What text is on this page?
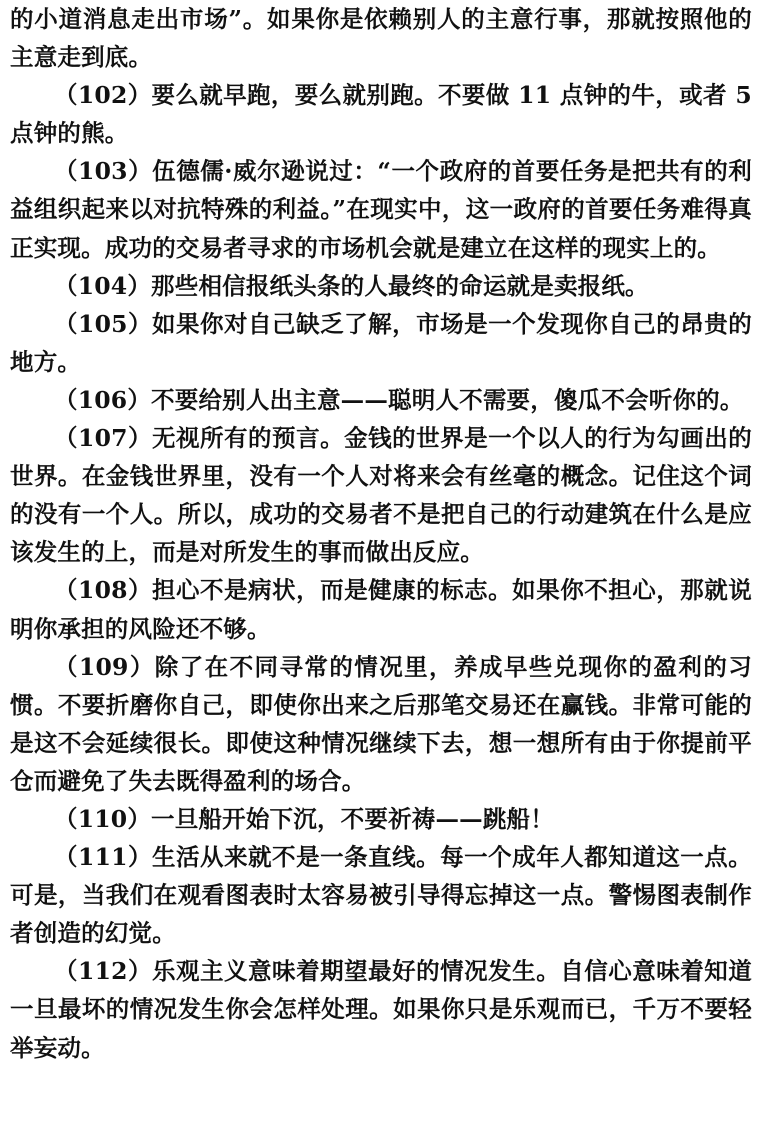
的小道消息走出市场”。如果你是依赖别人的主意行事，那就按照他的主意走到底。

（102）要么就早跑，要么就别跑。不要做 11 点钟的牛，或者 5 点钟的熊。

（103）伍德儒·威尔逊说过：“一个政府的首要任务是把共有的利益组织起来以对抗特殊的利益。”在现实中，这一政府的首要任务难得真正实现。成功的交易者寻求的市场机会就是建立在这样的现实上的。

（104）那些相信报纸头条的人最终的命运就是卖报纸。

（105）如果你对自己缺乏了解，市场是一个发现你自己的昂贵的地方。

（106）不要给别人出主意——聪明人不需要，傻瓜不会听你的。

（107）无视所有的预言。金钱的世界是一个以人的行为勾画出的世界。在金钱世界里，没有一个人对将来会有丝毫的概念。记住这个词的没有一个人。所以，成功的交易者不是把自己的行动建筑在什么是应该发生的上，而是对所发生的事而做出反应。

（108）担心不是病状，而是健康的标志。如果你不担心，那就说明你承担的风险还不够。

（109）除了在不同寻常的情况里，养成早些兑现你的盈利的习惯。不要折磨你自己，即使你出来之后那笔交易还在赢钱。非常可能的是这不会延续很长。即使这种情况继续下去，想一想所有由于你提前平仓而避免了失去既得盈利的场合。

（110）一旦船开始下沉，不要祈祷——跳船！

（111）生活从来就不是一条直线。每一个成年人都知道这一点。可是，当我们在观看图表时太容易被引导得忘掉这一点。警惕图表制作者创造的幻觉。

（112）乐观主义意味着期望最好的情况发生。自信心意味着知道一旦最坏的情况发生你会怎样处理。如果你只是乐观而已，千万不要轻举妄动。
